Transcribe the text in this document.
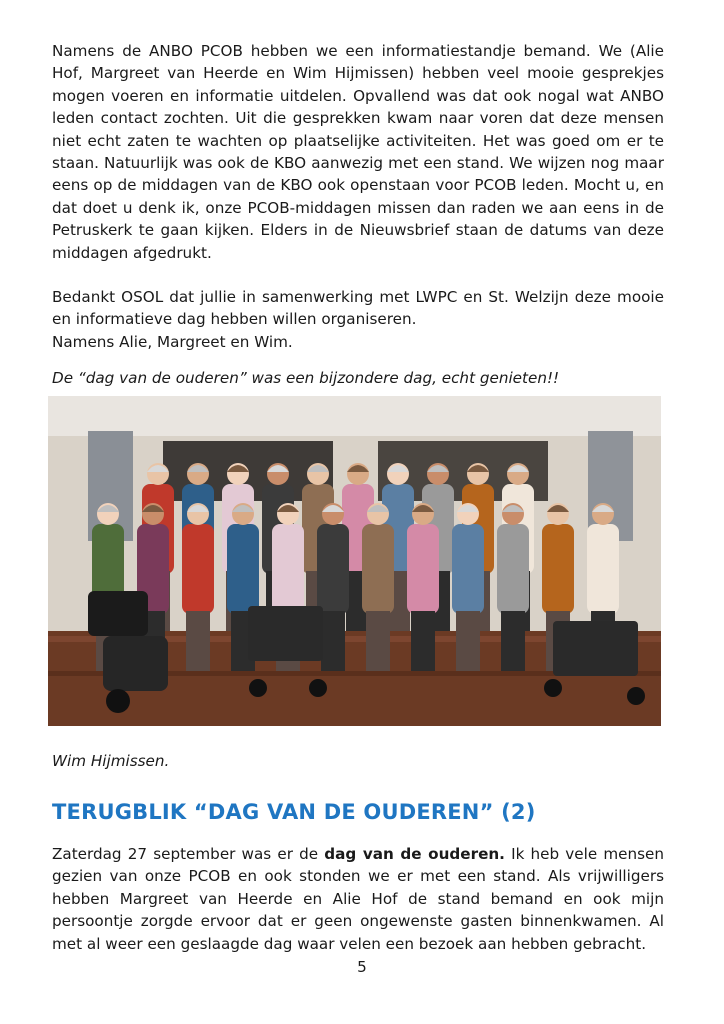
Namens de ANBO PCOB hebben we een informatiestandje bemand. We (Alie Hof, Margreet van Heerde en Wim Hijmissen) hebben veel mooie gesprekjes mogen voeren en informatie uitdelen. Opvallend was dat ook nogal wat ANBO leden contact zochten. Uit die gesprekken kwam naar voren dat deze mensen niet echt zaten te wachten op plaatselijke activiteiten. Het was goed om er te staan. Natuurlijk was ook de KBO aanwezig met een stand. We wijzen nog maar eens op de middagen van de KBO ook openstaan voor PCOB leden. Mocht u, en dat doet u denk ik, onze PCOB-middagen missen dan raden we aan eens in de Petruskerk te gaan kijken. Elders in de Nieuwsbrief staan de datums van deze middagen afgedrukt.

Bedankt OSOL dat jullie in samenwerking met LWPC en St. Welzijn deze mooie en informatieve dag hebben willen organiseren.

Namens Alie, Margreet en Wim.

De “dag van de ouderen” was een bijzondere dag, echt genieten!!

Wim Hijmissen.
TERUGBLIK “DAG VAN DE OUDEREN” (2)

Zaterdag 27 september was er de dag van de ouderen. Ik heb vele mensen gezien van onze PCOB en ook stonden we er met een stand. Als vrijwilligers hebben Margreet van Heerde en Alie Hof de stand bemand en ook mijn persoontje zorgde ervoor dat er geen ongewenste gasten binnenkwamen. Al met al weer een geslaagde dag waar velen een bezoek aan hebben gebracht.

5
